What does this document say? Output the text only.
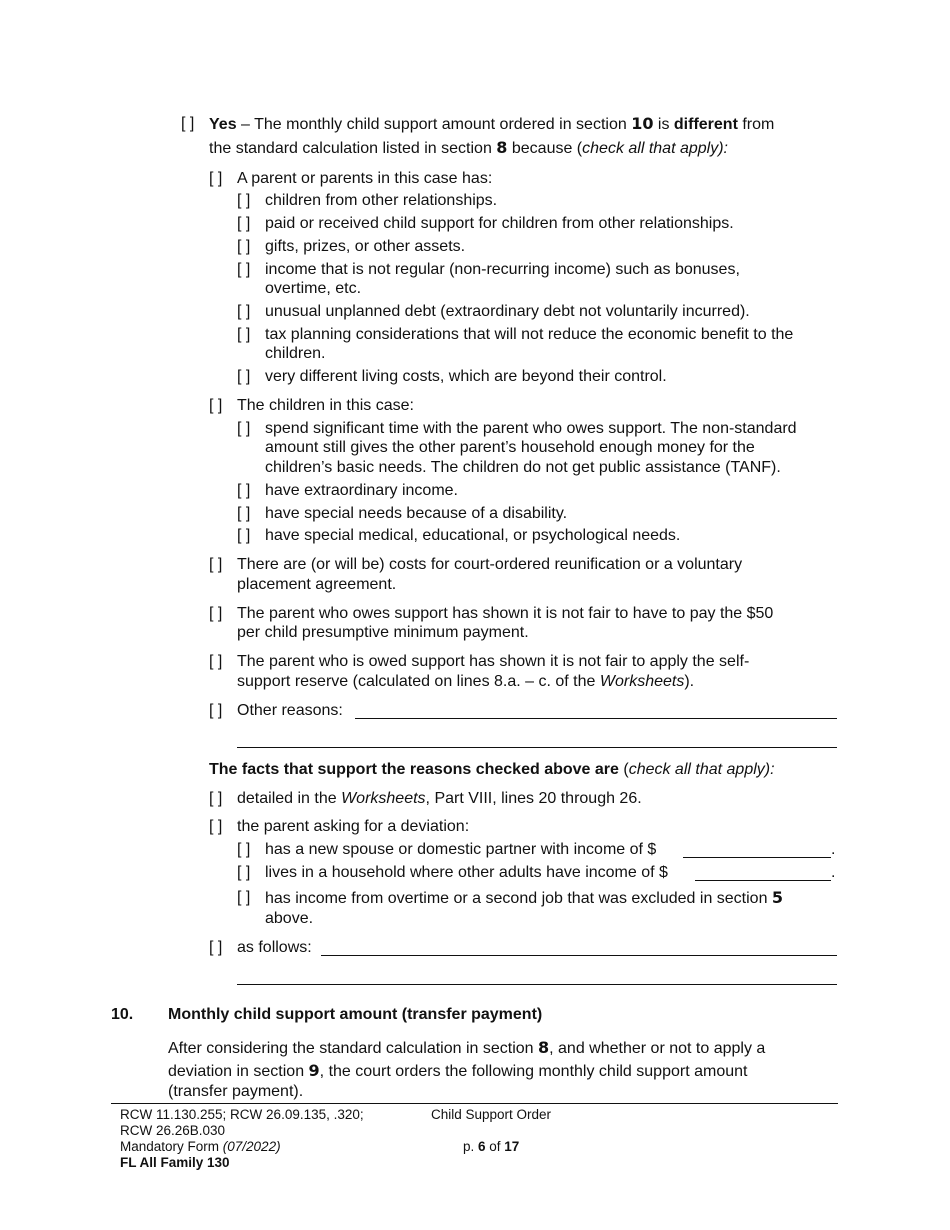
[ ] Yes – The monthly child support amount ordered in section 10 is different from
the standard calculation listed in section 8 because (check all that apply):
[ ] A parent or parents in this case has:
[ ] children from other relationships.
[ ] paid or received child support for children from other relationships.
[ ] gifts, prizes, or other assets.
[ ] income that is not regular (non-recurring income) such as bonuses,
overtime, etc.
[ ] unusual unplanned debt (extraordinary debt not voluntarily incurred).
[ ] tax planning considerations that will not reduce the economic benefit to the
children.
[ ] very different living costs, which are beyond their control.
[ ] The children in this case:
[ ] spend significant time with the parent who owes support. The non-standard
amount still gives the other parent’s household enough money for the
children’s basic needs. The children do not get public assistance (TANF).
[ ] have extraordinary income.
[ ] have special needs because of a disability.
[ ] have special medical, educational, or psychological needs.
[ ] There are (or will be) costs for court-ordered reunification or a voluntary
placement agreement.
[ ] The parent who owes support has shown it is not fair to have to pay the $50
per child presumptive minimum payment.
[ ] The parent who is owed support has shown it is not fair to apply the self-
support reserve (calculated on lines 8.a. – c. of the Worksheets).
[ ] Other reasons:
The facts that support the reasons checked above are (check all that apply):
[ ] detailed in the Worksheets, Part VIII, lines 20 through 26.
[ ] the parent asking for a deviation:
[ ] has a new spouse or domestic partner with income of $	.
[ ] lives in a household where other adults have income of $	.
[ ] has income from overtime or a second job that was excluded in section 5
above.
[ ] as follows:
10. Monthly child support amount (transfer payment)
After considering the standard calculation in section 8, and whether or not to apply a
deviation in section 9, the court orders the following monthly child support amount
(transfer payment).
RCW 11.130.255; RCW 26.09.135, .320;
RCW 26.26B.030
Mandatory Form (07/2022)
FL All Family 130
Child Support Order
p. 6 of 17
